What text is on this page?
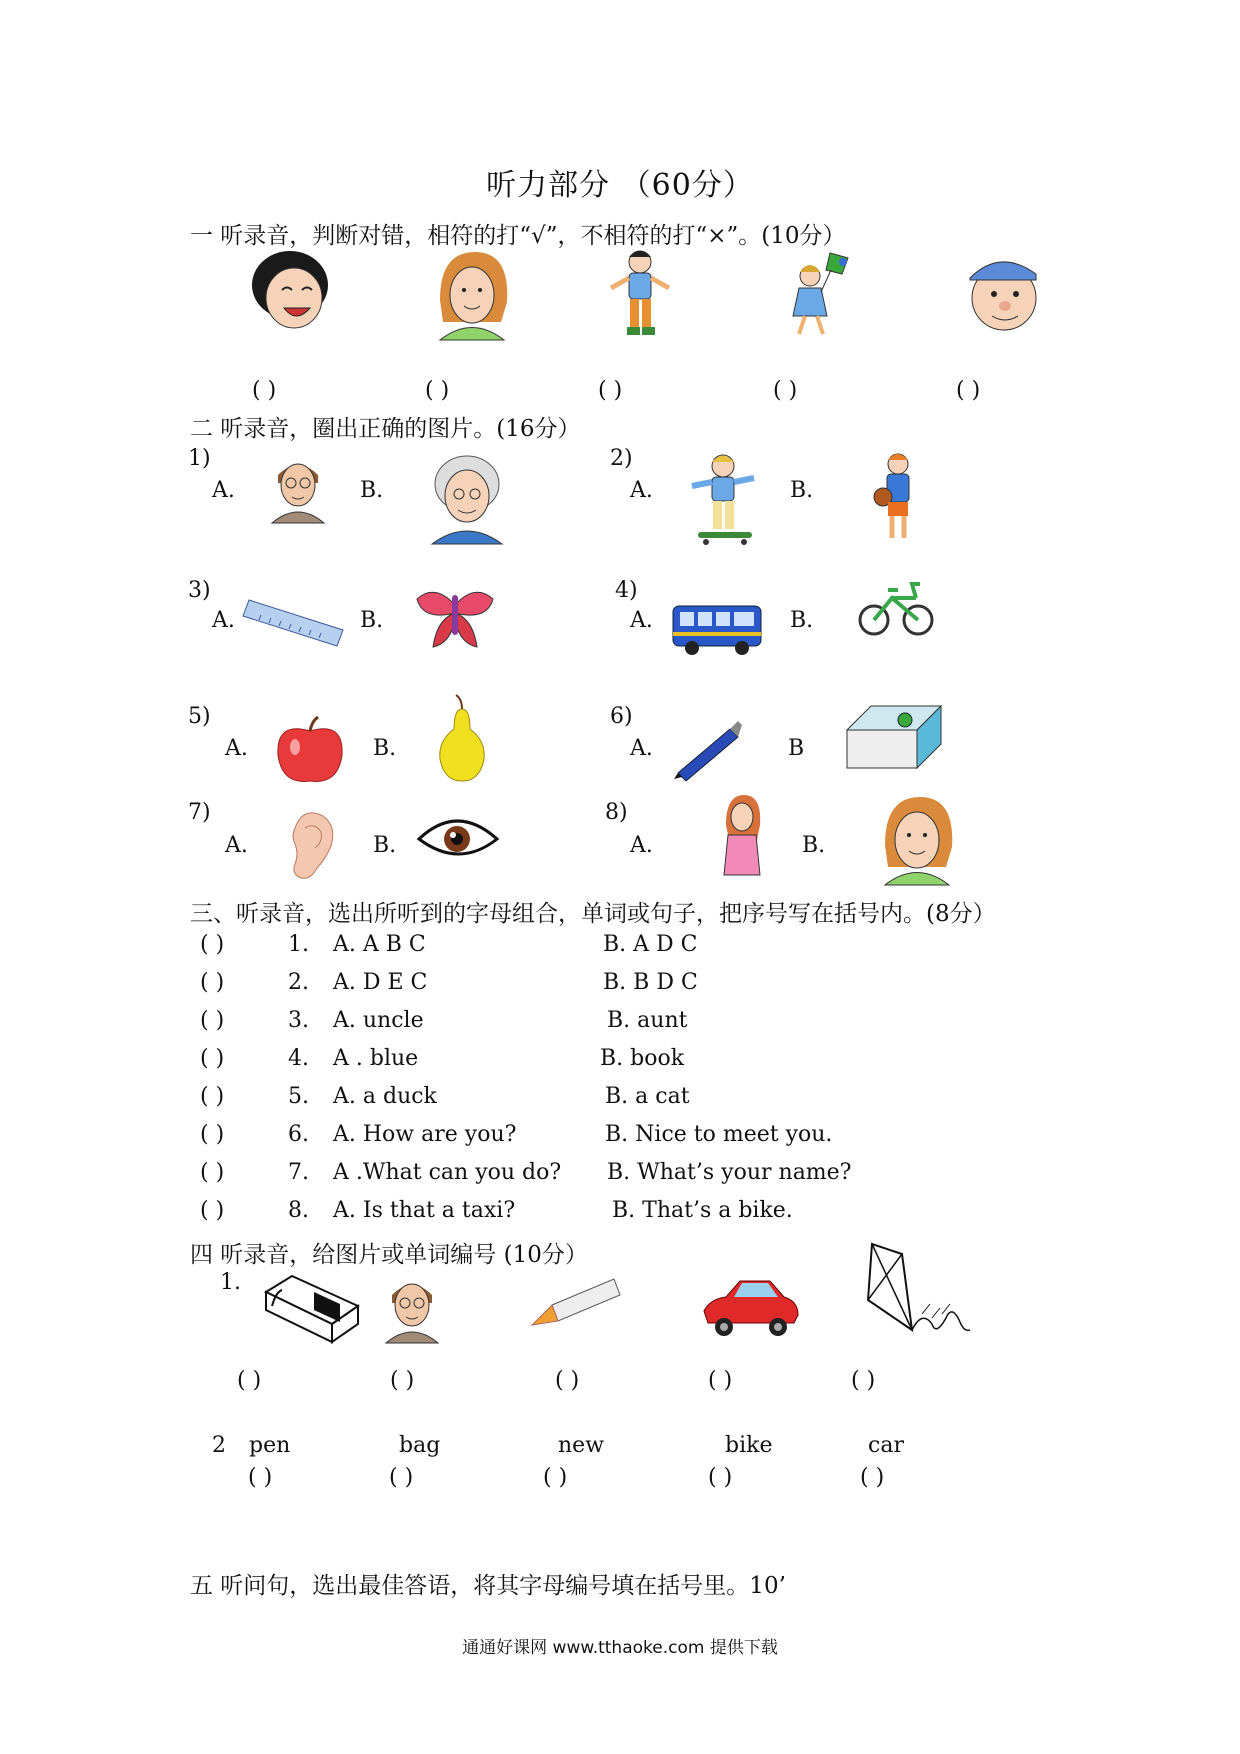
听力部分 （60分）
一 听录音，判断对错，相符的打“√”，不相符的打“×”。(10分）
( )	( )	( )	( )	( )
二 听录音，圈出正确的图片。(16分）
1)
A.	B.
2)
A.	B.
3)
A.	B.
4)
A.	B.
5)
A.	B.
6)
A.	B
7)
A.	B.
8)
A.	B.
三、听录音，选出所听到的字母组合，单词或句子，把序号写在括号内。(8分）
( )	1. A. A B C	B. A D C
( )	2. A. D E C	B. B D C
( )	3. A. uncle	B. aunt
( )	4. A . blue	B. book
( )	5. A. a duck	B. a cat
( )	6. A. How are you?	B. Nice to meet you.
( )	7. A .What can you do? B. What’s your name?
( )	8. A. Is that a taxi?	B. That’s a bike.
四 听录音，给图片或单词编号 (10分）
1.
( )	( )	( )	( )	( )
2 pen	bag	new	bike	car
( )	( )	( )	( )	( )
五 听问句，选出最佳答语，将其字母编号填在括号里。10’
通通好课网 www.tthaoke.com 提供下载
